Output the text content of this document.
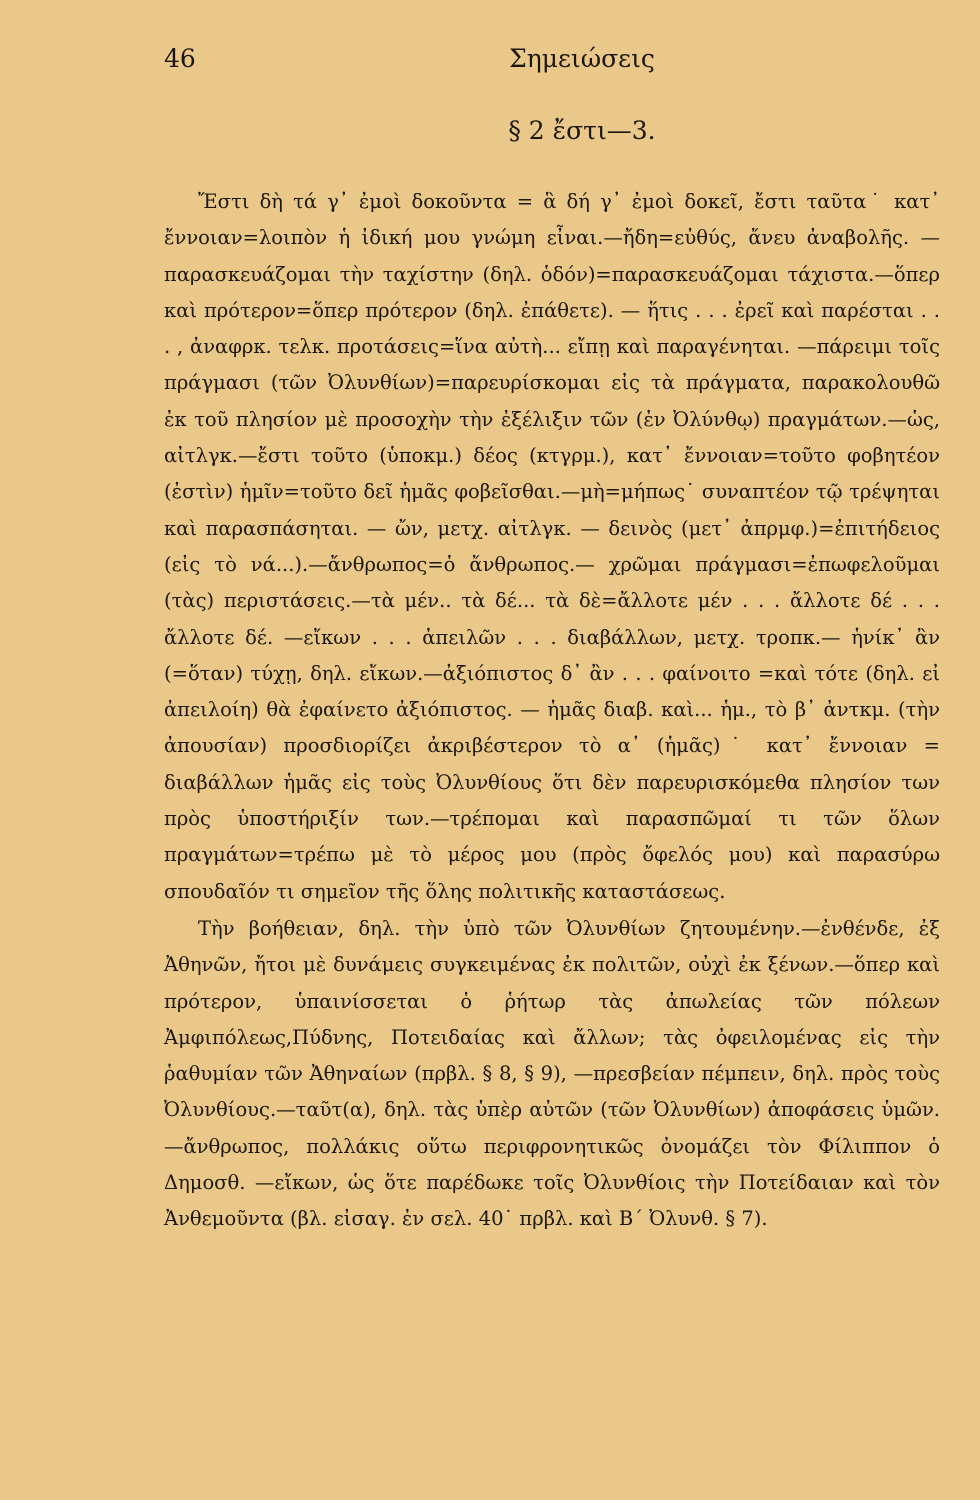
46	Σημειώσεις
§ 2 ἔστι—3.

Ἔστι δὴ τά γ᾽ ἐμοὶ δοκοῦντα = ἃ δή γ᾽ ἐμοὶ δοκεῖ, ἔστι ταῦτα˙ κατ᾽ ἔννοιαν=λοιπὸν ἡ ἰδική μου γνώμη εἶναι.—ἤδη=εὐθύς, ἄνευ ἀναβολῆς. — παρασκευάζομαι τὴν ταχίστην (δηλ. ὁδόν)=παρασκευάζομαι τάχιστα.—ὅπερ καὶ πρότερον=ὅπερ πρότερον (δηλ. ἐπάθετε). — ἥτις . . . ἐρεῖ καὶ παρέσται . . . , ἀναφρκ. τελκ. προτάσεις=ἵνα αὐτὴ... εἴπῃ καὶ παραγένηται. —πάρειμι τοῖς πράγμασι (τῶν Ὀλυνθίων)=παρευρίσκομαι εἰς τὰ πράγματα, παρακολουθῶ ἐκ τοῦ πλησίον μὲ προσοχὴν τὴν ἐξέλιξιν τῶν (ἐν Ὀλύνθῳ) πραγμάτων.—ὡς, αἰτλγκ.—ἔστι τοῦτο (ὑποκμ.) δέος (κτγρμ.), κατ᾽ ἔννοιαν=τοῦτο φοβητέον (ἐστὶν) ἡμῖν=τοῦτο δεῖ ἡμᾶς φοβεῖσθαι.—μὴ=μήπως˙ συναπτέον τῷ τρέψηται καὶ παρασπάσηται. — ὤν, μετχ. αἰτλγκ. — δεινὸς (μετ᾽ ἀπρμφ.)=ἐπιτήδειος (εἰς τὸ νά...).—ἄνθρωπος=ὁ ἄνθρωπος.— χρῶμαι πράγμασι=ἐπωφελοῦμαι (τὰς) περιστάσεις.—τὰ μέν.. τὰ δέ... τὰ δὲ=ἄλλοτε μέν . . . ἄλλοτε δέ . . . ἄλλοτε δέ. —εἴκων . . . ἀπειλῶν . . . διαβάλλων, μετχ. τροπκ.— ἡνίκ᾽ ἂν (=ὅταν) τύχῃ, δηλ. εἴκων.—ἀξιόπιστος δ᾽ ἂν . . . φαίνοιτο =καὶ τότε (δηλ. εἰ ἀπειλοίη) θὰ ἐφαίνετο ἀξιόπιστος. — ἡμᾶς διαβ. καὶ... ἡμ., τὸ β᾽ ἀντκμ. (τὴν ἀπουσίαν) προσδιορίζει ἀκριβέστερον τὸ α᾽ (ἡμᾶς)˙ κατ᾽ ἔννοιαν = διαβάλλων ἡμᾶς εἰς τοὺς Ὀλυνθίους ὅτι δὲν παρευρισκόμεθα πλησίον των πρὸς ὑποστήριξίν των.—τρέπομαι καὶ παρασπῶμαί τι τῶν ὅλων πραγμάτων=τρέπω μὲ τὸ μέρος μου (πρὸς ὄφελός μου) καὶ παρασύρω σπουδαῖόν τι σημεῖον τῆς ὅλης πολιτικῆς καταστάσεως.

Τὴν βοήθειαν, δηλ. τὴν ὑπὸ τῶν Ὀλυνθίων ζητουμένην.—ἐνθένδε, ἐξ Ἀθηνῶν, ἤτοι μὲ δυνάμεις συγκειμένας ἐκ πολιτῶν, οὐχὶ ἐκ ξένων.—ὅπερ καὶ πρότερον, ὑπαινίσσεται ὁ ῥήτωρ τὰς ἀπωλείας τῶν πόλεων Ἀμφιπόλεως,Πύδνης, Ποτειδαίας καὶ ἄλλων; τὰς ὀφειλομένας εἰς τὴν ῥαθυμίαν τῶν Ἀθηναίων (πρβλ. § 8, § 9), —πρεσβείαν πέμπειν, δηλ. πρὸς τοὺς Ὀλυνθίους.—ταῦτ(α), δηλ. τὰς ὑπὲρ αὐτῶν (τῶν Ὀλυνθίων) ἀποφάσεις ὑμῶν.—ἄνθρωπος, πολλάκις οὕτω περιφρονητικῶς ὀνομάζει τὸν Φίλιππον ὁ Δημοσθ. —εἴκων, ὡς ὅτε παρέδωκε τοῖς Ὀλυνθίοις τὴν Ποτείδαιαν καὶ τὸν Ἀνθεμοῦντα (βλ. εἰσαγ. ἐν σελ. 40˙ πρβλ. καὶ Β΄ Ὀλυνθ. § 7).
